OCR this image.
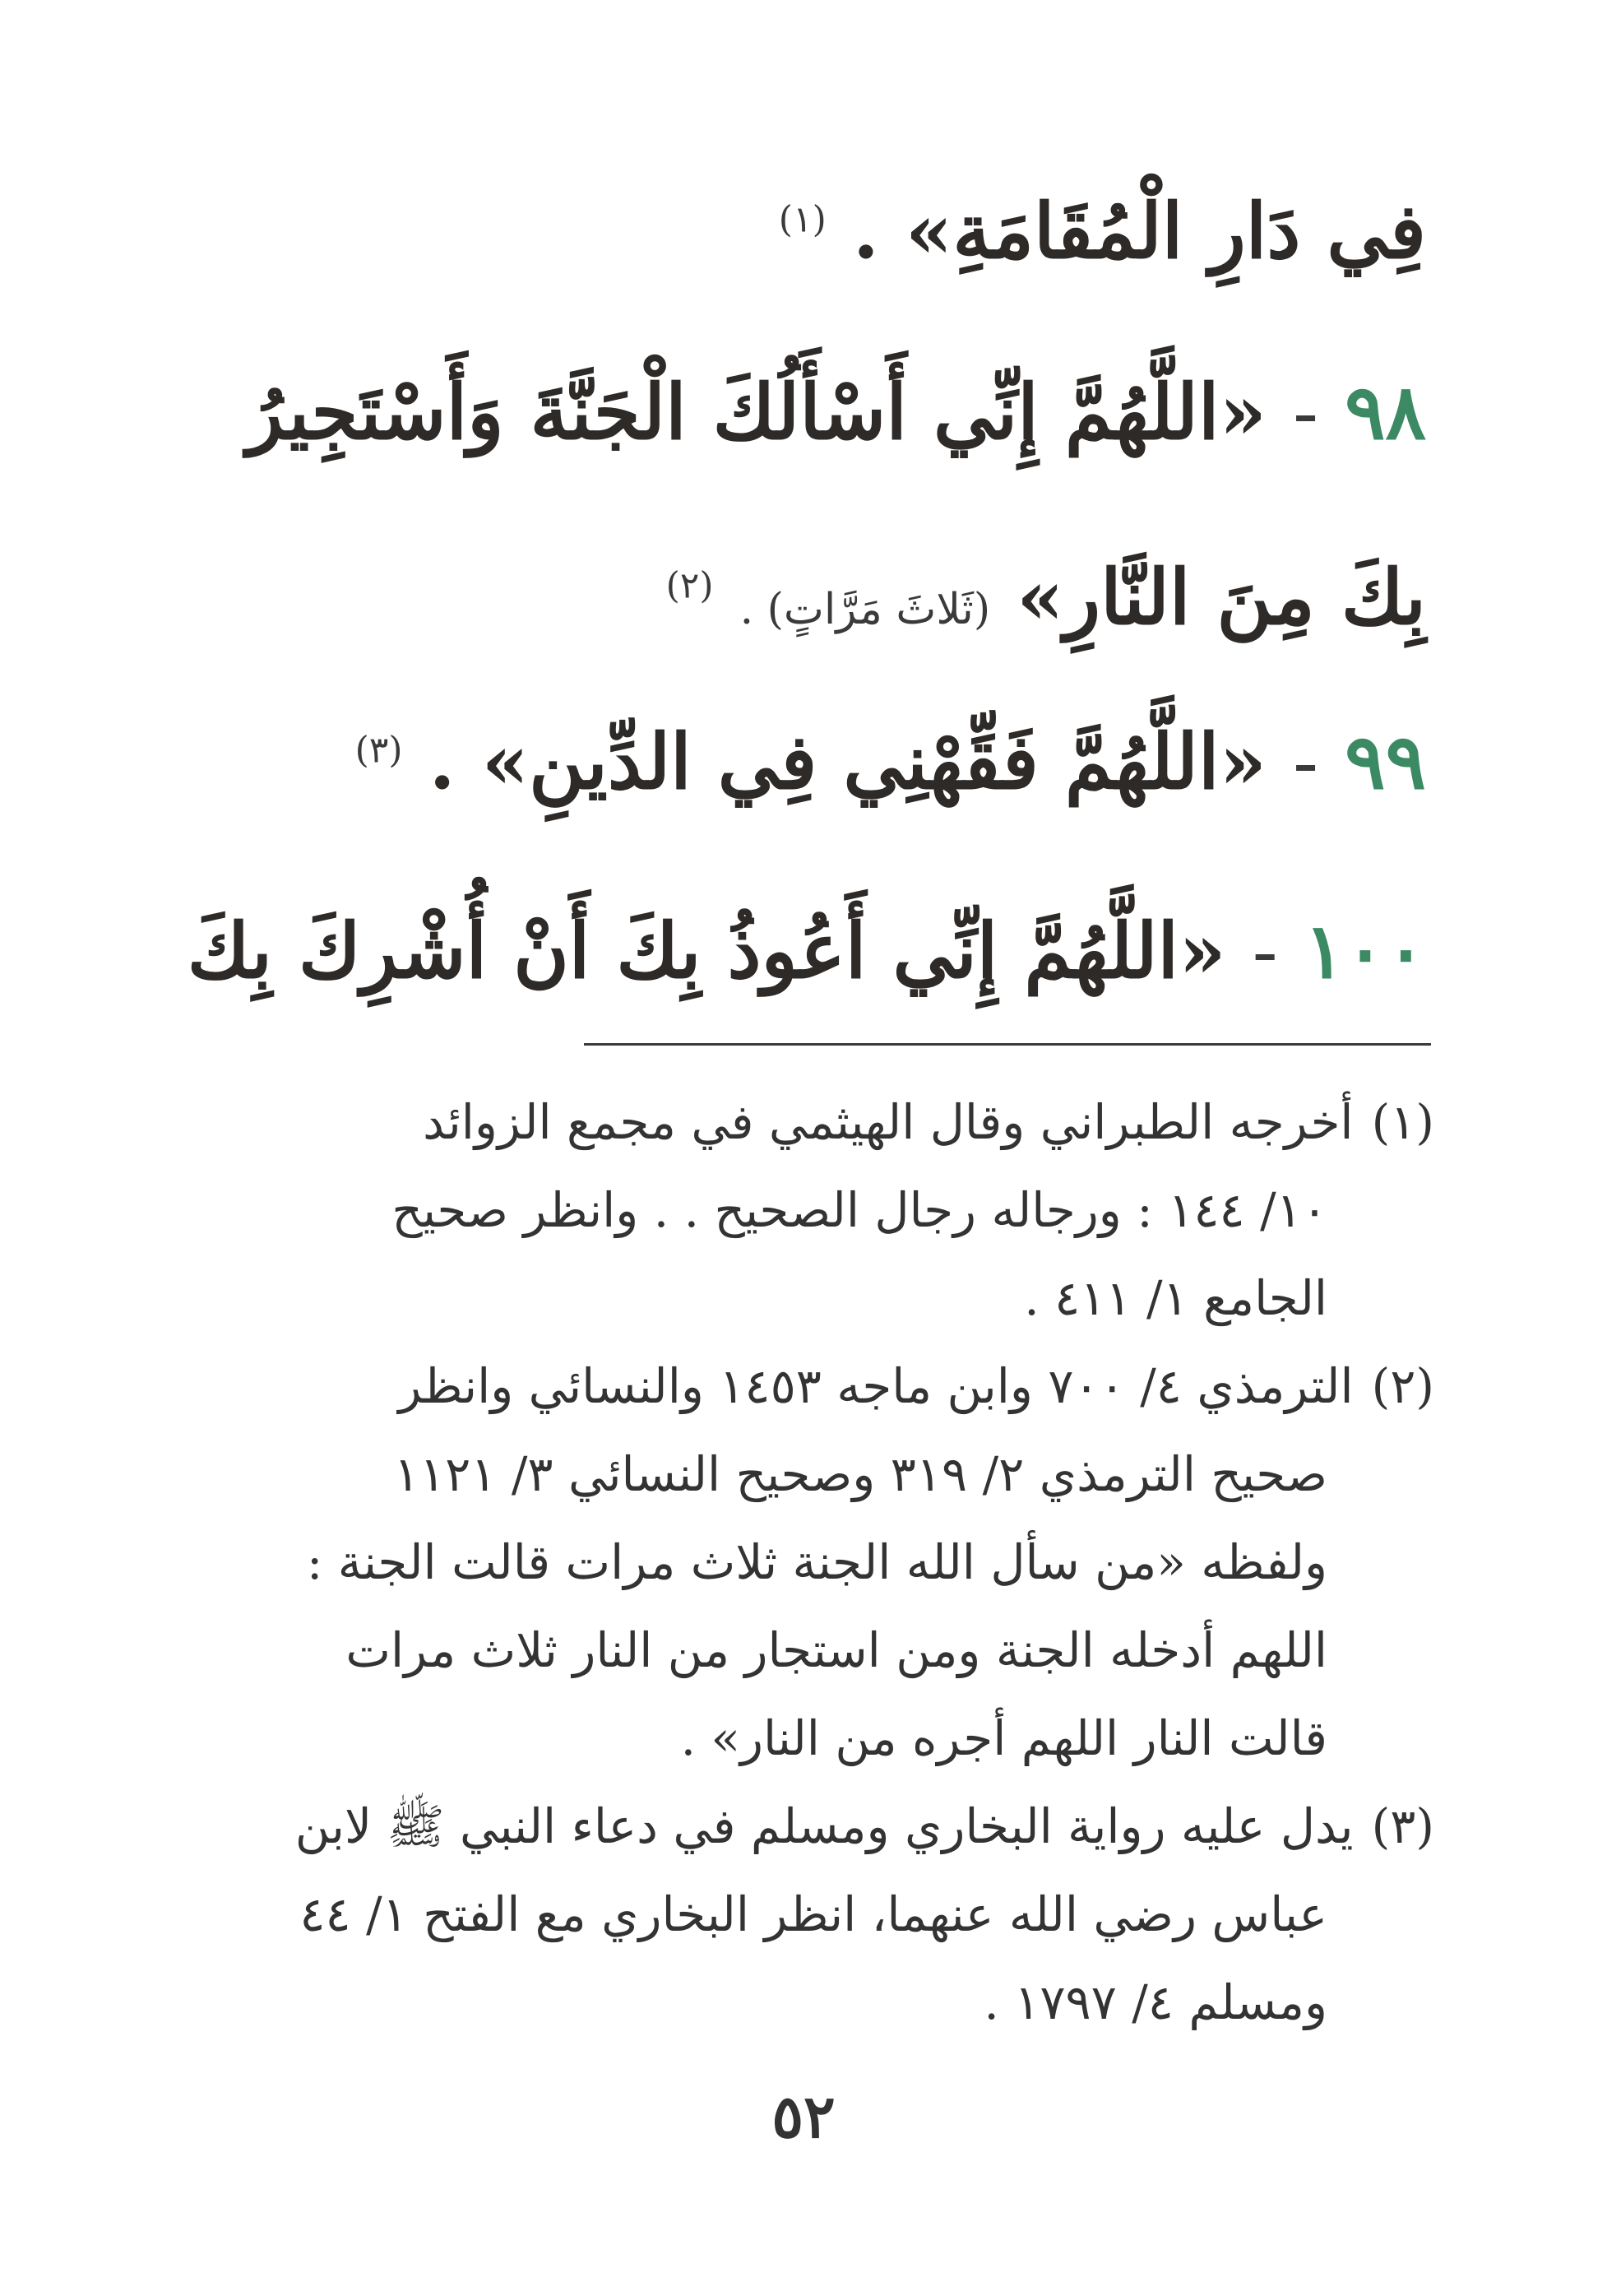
فِي دَارِ الْمُقَامَةِ» . $^{(١)}$
٩٨ - «اللَّهُمَّ إِنِّي أَسْأَلُكَ الْجَنَّةَ وَأَسْتَجِيرُ
بِكَ مِنَ النَّارِ» (ثَلاثَ مَرَّاتٍ) . $^{(٢)}$
٩٩ - «اللَّهُمَّ فَقِّهْنِي فِي الدِّينِ» . $^{(٣)}$
١٠٠ - «اللَّهُمَّ إِنِّي أَعُوذُ بِكَ أَنْ أُشْرِكَ بِكَ
(١)أخرجه الطبراني وقال الهيثمي في مجمع الزوائد
١٠/ ١٤٤ : ورجاله رجال الصحيح . . وانظر صحيح
الجامع ١/ ٤١١ .
(٢)الترمذي ٤/ ٧٠٠ وابن ماجه ١٤٥٣ والنسائي وانظر
صحيح الترمذي ٢/ ٣١٩ وصحيح النسائي ٣/ ١١٢١
ولفظه «من سأل الله الجنة ثلاث مرات قالت الجنة :
اللهم أدخله الجنة ومن استجار من النار ثلاث مرات
قالت النار اللهم أجره من النار» .
(٣)يدل عليه رواية البخاري ومسلم في دعاء النبي ﷺ لابن
عباس رضي الله عنهما، انظر البخاري مع الفتح ١/ ٤٤
ومسلم ٤/ ١٧٩٧ .
٥٢
